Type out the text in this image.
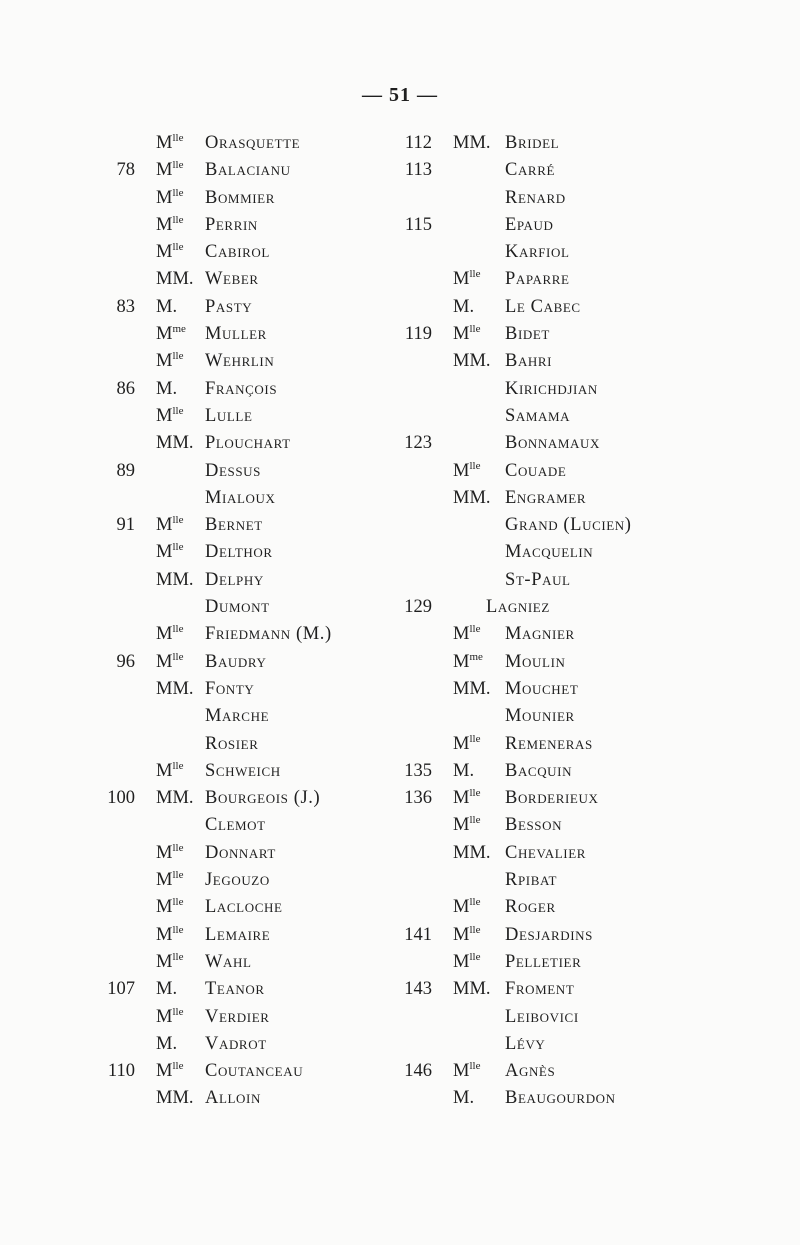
— 51 —
$M^{lle}$ Orasquette
78 $M^{lle}$ Balacianu
$M^{lle}$ Bommier
$M^{lle}$ Perrin
$M^{lle}$ Cabirol
MM. Weber
83 M. Pasty
$M^{me}$ Muller
$M^{lle}$ Wehrlin
86 M. François
$M^{lle}$ Lulle
MM. Plouchart
89	Dessus
Mialoux
91 $M^{lle}$ Bernet
$M^{lle}$ Delthor
MM. Delphy
Dumont
$M^{lle}$ Friedmann (M.)
96 $M^{lle}$ Baudry
MM. Fonty
Marche
Rosier
$M^{lle}$ Schweich
100 MM. Bourgeois (J.)
Clemot
$M^{lle}$ Donnart
$M^{lle}$ Jegouzo
$M^{lle}$ Lacloche
$M^{lle}$ Lemaire
$M^{lle}$ Wahl
107 M. Teanor
$M^{lle}$ Verdier
M. Vadrot
110 $M^{lle}$ Coutanceau
MM. Alloin
112 MM. Bridel
113	Carré
Renard
115	Epaud
Karfiol
$M^{lle}$ Paparre
M. Le Cabec
119 $M^{lle}$ Bidet
MM. Bahri
Kirichdjian
Samama
123	Bonnamaux
$M^{lle}$ Couade
MM. Engramer
Grand (Lucien)
Macquelin
St-Paul
129	Lagniez
$M^{lle}$ Magnier
$M^{me}$ Moulin
MM. Mouchet
Mounier
$M^{lle}$ Remeneras
135 M. Bacquin
136 $M^{lle}$ Borderieux
$M^{lle}$ Besson
MM. Chevalier
Rpibat
$M^{lle}$ Roger
141 $M^{lle}$ Desjardins
$M^{lle}$ Pelletier
143 MM. Froment
Leibovici
Lévy
146 $M^{lle}$ Agnès
M. Beaugourdon
